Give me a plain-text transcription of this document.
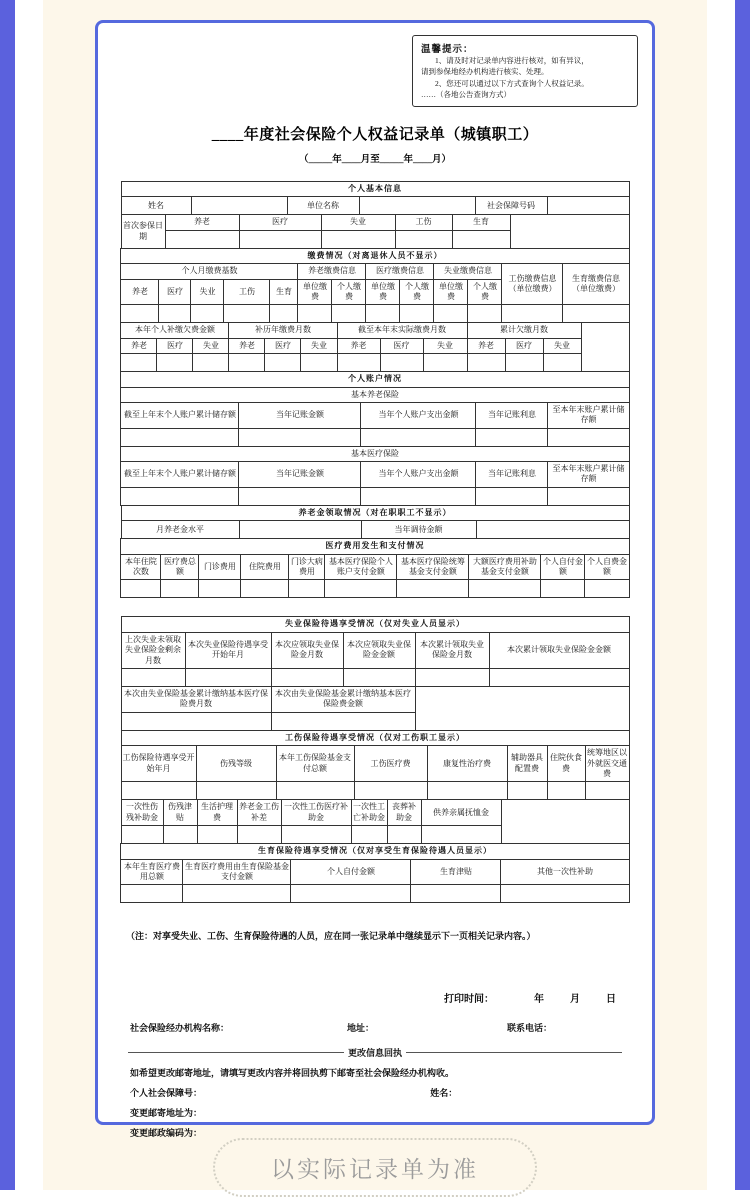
温馨提示：
1、请及时对记录单内容进行核对，如有异议，
请到参保地经办机构进行核实、处理。
2、您还可以通过以下方式查询个人权益记录。
……（各地公告查询方式）
____年度社会保险个人权益记录单（城镇职工）
（_____年____月至_____年____月）
个人基本信息
姓名		单位名称		社会保障号码	
首次参保日期	养老	医疗	失业	工伤	生育	

缴费情况（对离退休人员不显示）												
个人月缴费基数					养老缴费信息		医疗缴费信息		失业缴费信息		工伤缴费信息（单位缴费）	生育缴费信息（单位缴费）
养老	医疗	失业	工伤	生育	单位缴费	个人缴费	单位缴费	个人缴费	单位缴费	个人缴费		

本年个人补缴欠费金额			补历年缴费月数			截至本年末实际缴费月数			累计欠缴月数			
养老	医疗	失业	养老	医疗	失业	养老	医疗	失业	养老	医疗	失业	

个人账户情况				
基本养老保险				
截至上年末个人账户累计储存额	当年记账金额	当年个人账户支出金额	当年记账利息	至本年末账户累计储存额

基本医疗保险				
截至上年末个人账户累计储存额	当年记账金额	当年个人账户支出金额	当年记账利息	至本年末账户累计储存额

养老金领取情况（对在职职工不显示）
月养老金水平		当年调待金额	
医疗费用发生和支付情况									
本年住院次数	医疗费总额	门诊费用	住院费用	门诊大病费用	基本医疗保险个人账户支付金额	基本医疗保险统筹基金支付金额	大额医疗费用补助基金支付金额	个人自付金额	个人自费金额

失业保险待遇享受情况（仅对失业人员显示）					
上次失业未领取失业保险金剩余月数	本次失业保险待遇享受开始年月	本次应领取失业保险金月数	本次应领取失业保险金金额	本次累计领取失业保险金月数	本次累计领取失业保险金金额

本次由失业保险基金累计缴纳基本医疗保险费月数		本次由失业保险基金累计缴纳基本医疗保险费金额			

工伤保险待遇享受情况（仅对工伤职工显示）							
工伤保险待遇享受开始年月	伤残等级	本年工伤保险基金支付总额	工伤医疗费	康复性治疗费	辅助器具配置费	住院伙食费	统筹地区以外就医交通费

一次性伤残补助金	伤残津贴	生活护理费	养老金工伤补差	一次性工伤医疗补助金	一次性工亡补助金	丧葬补助金	供养亲属抚恤金	

生育保险待遇享受情况（仅对享受生育保险待遇人员显示）				
本年生育医疗费用总额	生育医疗费用由生育保险基金支付金额	个人自付金额	生育津贴	其他一次性补助

（注：对享受失业、工伤、生育保险待遇的人员，应在同一张记录单中继续显示下一页相关记录内容。）
打印时间：	年	月	日
社会保险经办机构名称：	地址：	联系电话：
更改信息回执
如希望更改邮寄地址，请填写更改内容并将回执剪下邮寄至社会保险经办机构收。
个人社会保障号：	姓名：
变更邮寄地址为：
变更邮政编码为：
以实际记录单为准
